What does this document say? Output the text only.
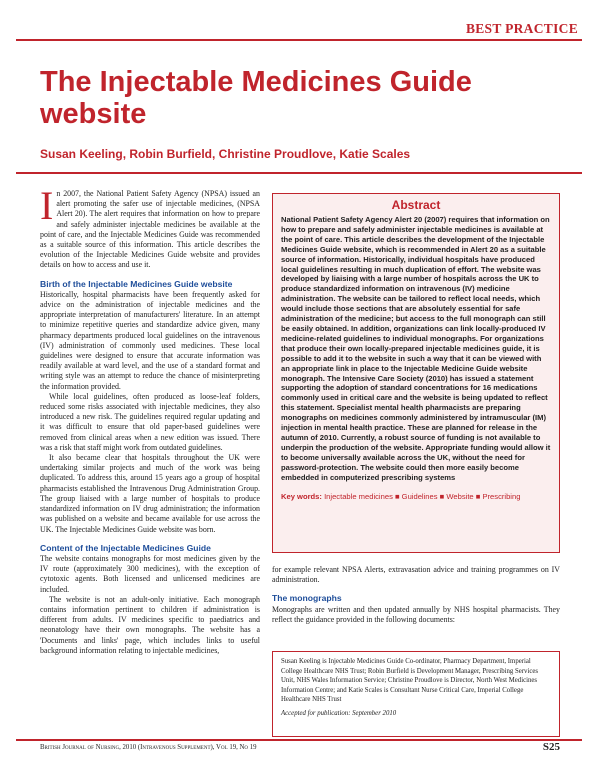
BEST PRACTICE
The Injectable Medicines Guide website
Susan Keeling, Robin Burfield, Christine Proudlove, Katie Scales

In 2007, the National Patient Safety Agency (NPSA) issued an alert promoting the safer use of injectable medicines, (NPSA Alert 20). The alert requires that information on how to prepare and safely administer injectable medicines be available at the point of care, and the Injectable Medicines Guide was recommended as a suitable source of this information. This article describes the evolution of the Injectable Medicines Guide website and provides details on how to access and use it.

Birth of the Injectable Medicines Guide website

Historically, hospital pharmacists have been frequently asked for advice on the administration of injectable medicines and the appropriate interpretation of manufacturers' literature. In an attempt to minimize repetitive queries and standardize advice given, many pharmacy departments produced local guidelines on the intravenous (IV) administration of commonly used medicines. These local guidelines were designed to ensure that accurate information was readily available at ward level, and the use of a standard format and writing style was an attempt to reduce the chance of misinterpreting the information provided.

While local guidelines, often produced as loose-leaf folders, reduced some risks associated with injectable medicines, they also introduced a new risk. The guidelines required regular updating and it was difficult to ensure that old paper-based guidelines were removed from clinical areas when a new edition was issued. There was a risk that staff might work from outdated guidelines.

It also became clear that hospitals throughout the UK were undertaking similar projects and much of the work was being duplicated. To address this, around 15 years ago a group of hospital pharmacists established the Intravenous Drug Administration Group. The group liaised with a large number of hospitals to produce standardized information on IV drug administration; the information was published on a website and became available for use across the UK. The Injectable Medicines Guide website was born.

Content of the Injectable Medicines Guide

The website contains monographs for most medicines given by the IV route (approximately 300 medicines), with the exception of cytotoxic agents. Both licensed and unlicensed medicines are included.

The website is not an adult-only initiative. Each monograph contains information pertinent to children if administration is different from adults. IV medicines specific to paediatrics and neonatology have their own monographs. The website has a 'Documents and links' page, which includes links to useful background information relating to injectable medicines,

Abstract
National Patient Safety Agency Alert 20 (2007) requires that information on how to prepare and safely administer injectable medicines is available at the point of care. This article describes the development of the Injectable Medicines Guide website, which is recommended in Alert 20 as a suitable source of information. Historically, individual hospitals have produced local guidelines resulting in much duplication of effort. The website was developed by liaising with a large number of hospitals across the UK to produce standardized information on intravenous (IV) medicine administration. The website can be tailored to reflect local needs, which would include those sections that are absolutely essential for safe administration of the medicine; but access to the full monograph can still be easily obtained. In addition, organizations can link locally-produced IV medicine-related guidelines to individual monographs. For organizations that produce their own locally-prepared injectable medicines guide, it is possible to add it to the website in such a way that it can be viewed with an appropriate link in place to the Injectable Medicine Guide website monograph. The Intensive Care Society (2010) has issued a statement supporting the adoption of standard concentrations for 16 medications commonly used in critical care and the website is being updated to reflect this statement. Specialist mental health pharmacists are preparing monographs on medicines commonly administered by intramuscular (IM) injection in mental health practice. These are planned for release in the autumn of 2010. Currently, a robust source of funding is not available to underpin the production of the website. Appropriate funding would allow it to become universally available across the UK, without the need for password-protection. The website could then more easily become embedded in computerized prescribing systems
Key words: Injectable medicines ■ Guidelines ■ Website ■ Prescribing

for example relevant NPSA Alerts, extravasation advice and training programmes on IV administration.

The monographs

Monographs are written and then updated annually by NHS hospital pharmacists. They reflect the guidance provided in the following documents:

Susan Keeling is Injectable Medicines Guide Co-ordinator, Pharmacy Department, Imperial College Healthcare NHS Trust; Robin Burfield is Development Manager, Prescribing Services Unit, NHS Wales Information Service; Christine Proudlove is Director, North West Medicines Information Centre; and Katie Scales is Consultant Nurse Critical Care, Imperial College Healthcare NHS Trust
Accepted for publication: September 2010
British Journal of Nursing, 2010 (Intravenous Supplement), Vol 19, No 19	S25
